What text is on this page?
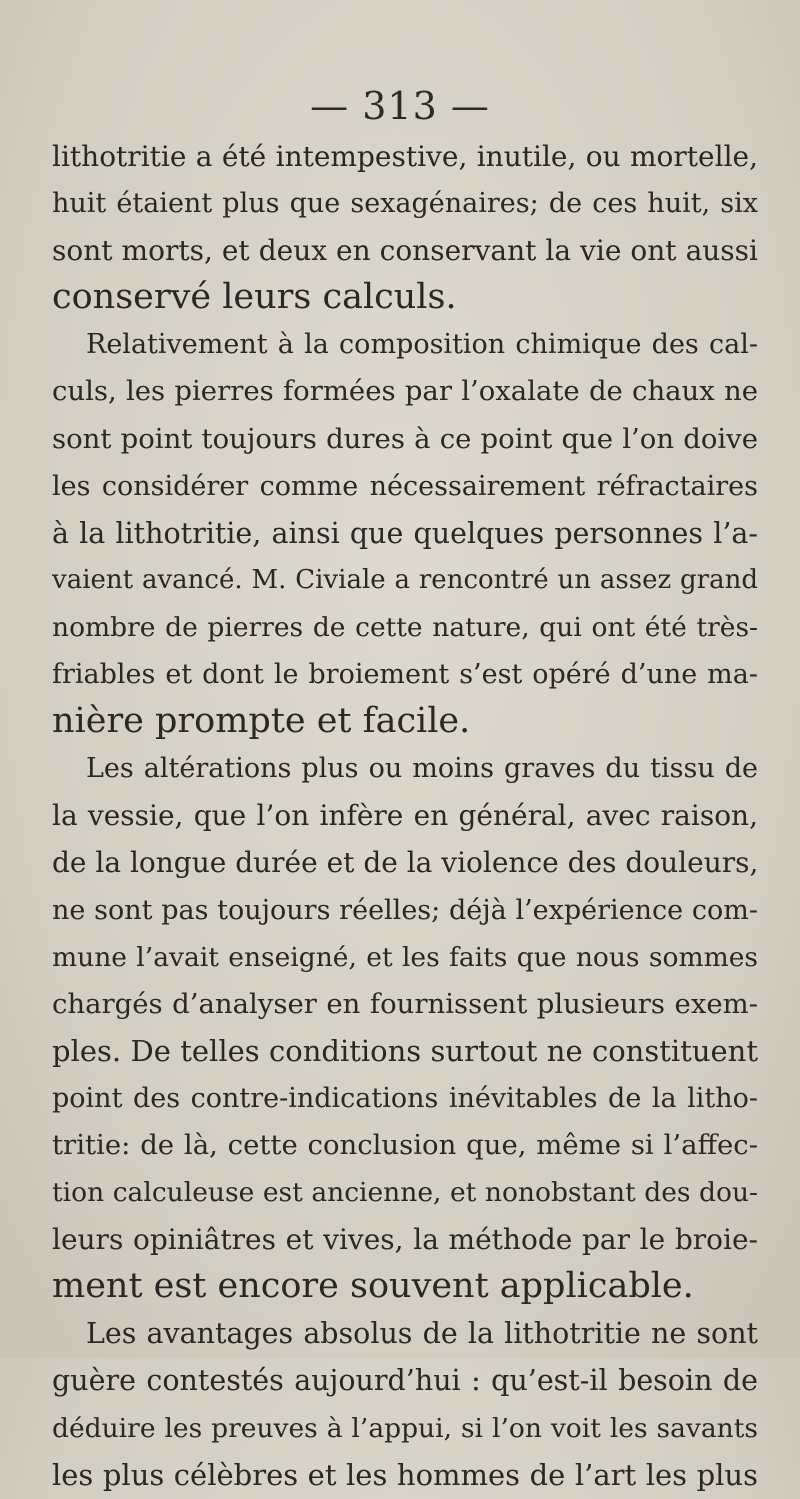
— 313 —
lithotritie a été intempestive, inutile, ou mortelle,
huit étaient plus que sexagénaires; de ces huit, six
sont morts, et deux en conservant la vie ont aussi
conservé leurs calculs.
Relativement à la composition chimique des cal-
culs, les pierres formées par l’oxalate de chaux ne
sont point toujours dures à ce point que l’on doive
les considérer comme nécessairement réfractaires
à la lithotritie, ainsi que quelques personnes l’a-
vaient avancé. M. Civiale a rencontré un assez grand
nombre de pierres de cette nature, qui ont été très-
friables et dont le broiement s’est opéré d’une ma-
nière prompte et facile.
Les altérations plus ou moins graves du tissu de
la vessie, que l’on infère en général, avec raison,
de la longue durée et de la violence des douleurs,
ne sont pas toujours réelles; déjà l’expérience com-
mune l’avait enseigné, et les faits que nous sommes
chargés d’analyser en fournissent plusieurs exem-
ples. De telles conditions surtout ne constituent
point des contre-indications inévitables de la litho-
tritie: de là, cette conclusion que, même si l’affec-
tion calculeuse est ancienne, et nonobstant des dou-
leurs opiniâtres et vives, la méthode par le broie-
ment est encore souvent applicable.
Les avantages absolus de la lithotritie ne sont
guère contestés aujourd’hui : qu’est-il besoin de
déduire les preuves à l’appui, si l’on voit les savants
les plus célèbres et les hommes de l’art les plus
